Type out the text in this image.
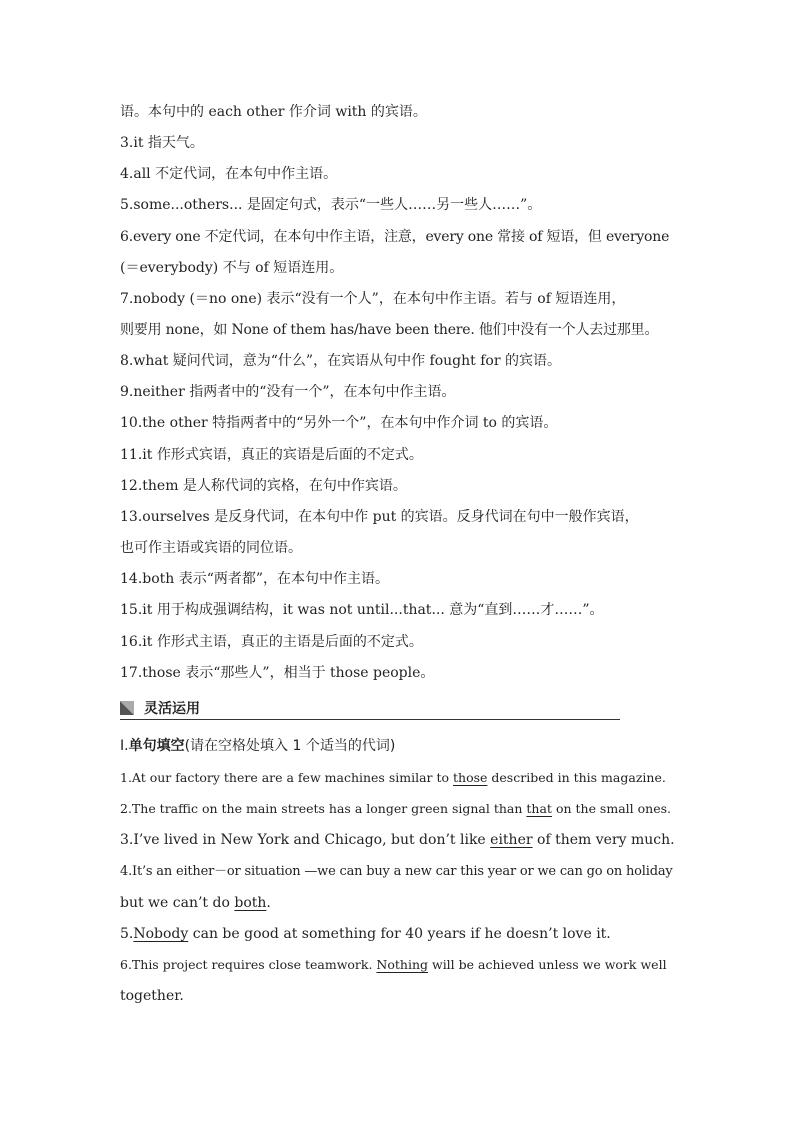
语。本句中的 each other 作介词 with 的宾语。
3.it 指天气。
4.all 不定代词，在本句中作主语。
5.some...others... 是固定句式，表示“一些人……另一些人……”。
6.every one 不定代词，在本句中作主语，注意，every one 常接 of 短语，但 everyone
(＝everybody) 不与 of 短语连用。
7.nobody (＝no one) 表示“没有一个人”，在本句中作主语。若与 of 短语连用，
则要用 none，如 None of them has/have been there. 他们中没有一个人去过那里。
8.what 疑问代词，意为“什么”，在宾语从句中作 fought for 的宾语。
9.neither 指两者中的“没有一个”，在本句中作主语。
10.the other 特指两者中的“另外一个”，在本句中作介词 to 的宾语。
11.it 作形式宾语，真正的宾语是后面的不定式。
12.them 是人称代词的宾格，在句中作宾语。
13.ourselves 是反身代词，在本句中作 put 的宾语。反身代词在句中一般作宾语，
也可作主语或宾语的同位语。
14.both 表示“两者都”，在本句中作主语。
15.it 用于构成强调结构，it was not until...that... 意为“直到……才……”。
16.it 作形式主语，真正的主语是后面的不定式。
17.those 表示“那些人”，相当于 those people。
灵活运用
Ⅰ.单句填空(请在空格处填入 1 个适当的代词)
1.At our factory there are a few machines similar to those described in this magazine.
2.The traffic on the main streets has a longer green signal than that on the small ones.
3.I’ve lived in New York and Chicago, but don’t like either of them very much.
4.It’s an either－or situation —we can buy a new car this year or we can go on holiday
but we can’t do both.
5.Nobody can be good at something for 40 years if he doesn’t love it.
6.This project requires close teamwork. Nothing will be achieved unless we work well
together.
